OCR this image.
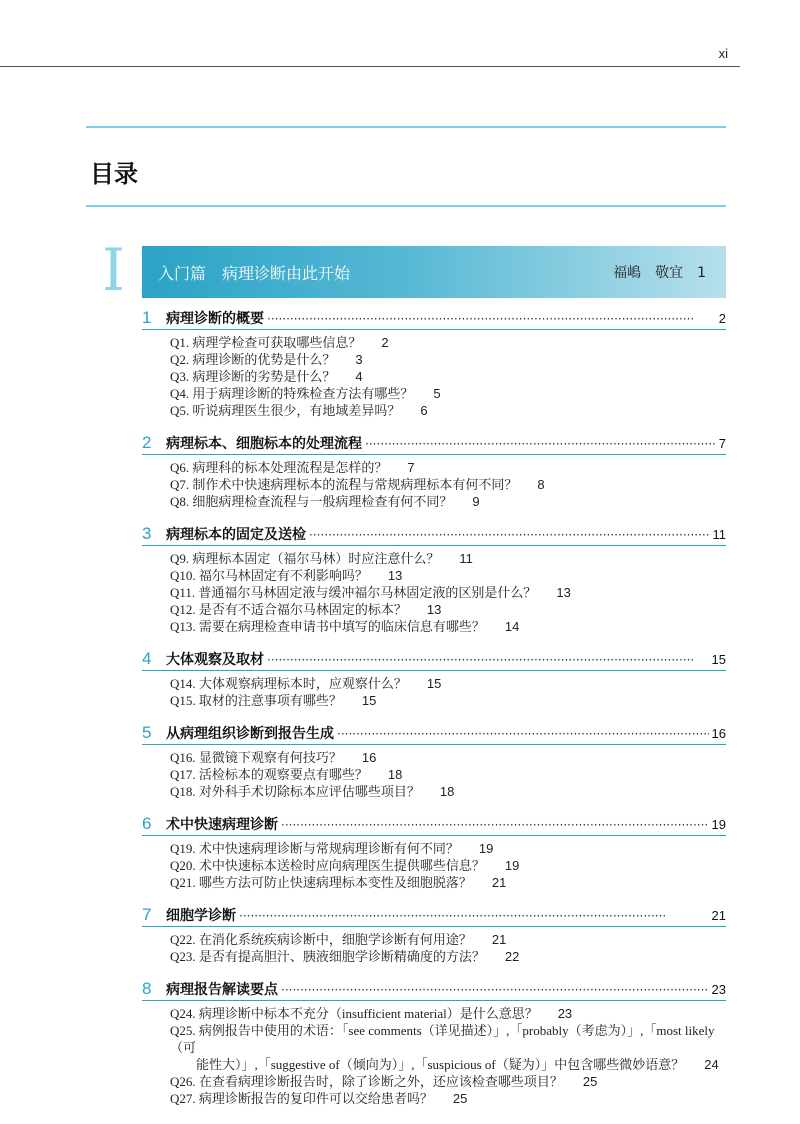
xi
目录
I 入门篇　病理诊断由此开始	福嶋　敬宜　1
1	病理诊断的概要 ·····	2
Q1. 病理学检查可获取哪些信息？ 2
Q2. 病理诊断的优势是什么？ 3
Q3. 病理诊断的劣势是什么？ 4
Q4. 用于病理诊断的特殊检查方法有哪些？ 5
Q5. 听说病理医生很少，有地域差异吗？ 6
2	病理标本、细胞标本的处理流程 ·····	7
Q6. 病理科的标本处理流程是怎样的？ 7
Q7. 制作术中快速病理标本的流程与常规病理标本有何不同？ 8
Q8. 细胞病理检查流程与一般病理检查有何不同？ 9
3	病理标本的固定及送检 ·····	11
Q9. 病理标本固定（福尔马林）时应注意什么？ 11
Q10. 福尔马林固定有不利影响吗？ 13
Q11. 普通福尔马林固定液与缓冲福尔马林固定液的区别是什么？ 13
Q12. 是否有不适合福尔马林固定的标本？ 13
Q13. 需要在病理检查申请书中填写的临床信息有哪些？ 14
4	大体观察及取材 ·····	15
Q14. 大体观察病理标本时，应观察什么？ 15
Q15. 取材的注意事项有哪些？ 15
5	从病理组织诊断到报告生成 ·····	16
Q16. 显微镜下观察有何技巧？ 16
Q17. 活检标本的观察要点有哪些？ 18
Q18. 对外科手术切除标本应评估哪些项目？ 18
6	术中快速病理诊断 ·····	19
Q19. 术中快速病理诊断与常规病理诊断有何不同？ 19
Q20. 术中快速标本送检时应向病理医生提供哪些信息？ 19
Q21. 哪些方法可防止快速病理标本变性及细胞脱落？ 21
7	细胞学诊断 ·····	21
Q22. 在消化系统疾病诊断中，细胞学诊断有何用途？ 21
Q23. 是否有提高胆汁、胰液细胞学诊断精确度的方法？ 22
8	病理报告解读要点 ·····	23
Q24. 病理诊断中标本不充分（insufficient material）是什么意思？ 23
Q25. 病例报告中使用的术语：「see comments（详见描述）」,「probably（考虑为）」,「most likely（可
能性大）」,「suggestive of（倾向为）」,「suspicious of（疑为）」中包含哪些微妙语意？ 24
Q26. 在查看病理诊断报告时，除了诊断之外，还应该检查哪些项目？ 25
Q27. 病理诊断报告的复印件可以交给患者吗？ 25
